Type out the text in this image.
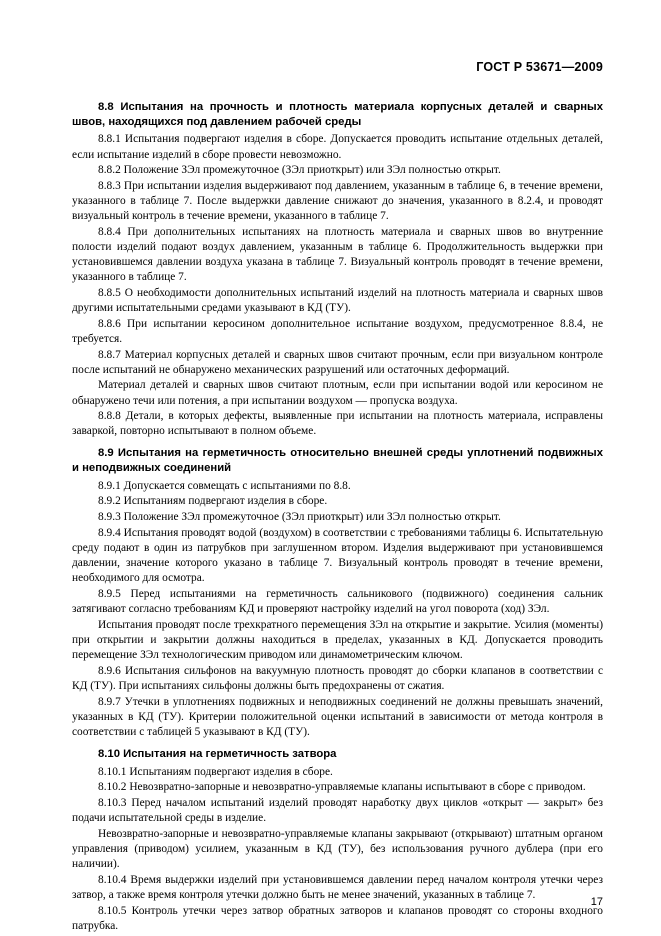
ГОСТ Р 53671—2009
8.8 Испытания на прочность и плотность материала корпусных деталей и сварных швов, находящихся под давлением рабочей среды

8.8.1 Испытания подвергают изделия в сборе. Допускается проводить испытание отдельных деталей, если испытание изделий в сборе провести невозможно.

8.8.2 Положение ЗЭл промежуточное (ЗЭл приоткрыт) или ЗЭл полностью открыт.

8.8.3 При испытании изделия выдерживают под давлением, указанным в таблице 6, в течение времени, указанного в таблице 7. После выдержки давление снижают до значения, указанного в 8.2.4, и проводят визуальный контроль в течение времени, указанного в таблице 7.

8.8.4 При дополнительных испытаниях на плотность материала и сварных швов во внутренние полости изделий подают воздух давлением, указанным в таблице 6. Продолжительность выдержки при установившемся давлении воздуха указана в таблице 7. Визуальный контроль проводят в течение времени, указанного в таблице 7.

8.8.5 О необходимости дополнительных испытаний изделий на плотность материала и сварных швов другими испытательными средами указывают в КД (ТУ).

8.8.6 При испытании керосином дополнительное испытание воздухом, предусмотренное 8.8.4, не требуется.

8.8.7 Материал корпусных деталей и сварных швов считают прочным, если при визуальном контроле после испытаний не обнаружено механических разрушений или остаточных деформаций.

Материал деталей и сварных швов считают плотным, если при испытании водой или керосином не обнаружено течи или потения, а при испытании воздухом — пропуска воздуха.

8.8.8 Детали, в которых дефекты, выявленные при испытании на плотность материала, исправлены заваркой, повторно испытывают в полном объеме.

8.9 Испытания на герметичность относительно внешней среды уплотнений подвижных и неподвижных соединений

8.9.1 Допускается совмещать с испытаниями по 8.8.

8.9.2 Испытаниям подвергают изделия в сборе.

8.9.3 Положение ЗЭл промежуточное (ЗЭл приоткрыт) или ЗЭл полностью открыт.

8.9.4 Испытания проводят водой (воздухом) в соответствии с требованиями таблицы 6. Испытательную среду подают в один из патрубков при заглушенном втором. Изделия выдерживают при установившемся давлении, значение которого указано в таблице 7. Визуальный контроль проводят в течение времени, необходимого для осмотра.

8.9.5 Перед испытаниями на герметичность сальникового (подвижного) соединения сальник затягивают согласно требованиям КД и проверяют настройку изделий на угол поворота (ход) ЗЭл.

Испытания проводят после трехкратного перемещения ЗЭл на открытие и закрытие. Усилия (моменты) при открытии и закрытии должны находиться в пределах, указанных в КД. Допускается проводить перемещение ЗЭл технологическим приводом или динамометрическим ключом.

8.9.6 Испытания сильфонов на вакуумную плотность проводят до сборки клапанов в соответствии с КД (ТУ). При испытаниях сильфоны должны быть предохранены от сжатия.

8.9.7 Утечки в уплотнениях подвижных и неподвижных соединений не должны превышать значений, указанных в КД (ТУ). Критерии положительной оценки испытаний в зависимости от метода контроля в соответствии с таблицей 5 указывают в КД (ТУ).

8.10 Испытания на герметичность затвора

8.10.1 Испытаниям подвергают изделия в сборе.

8.10.2 Невозвратно-запорные и невозвратно-управляемые клапаны испытывают в сборе с приводом.

8.10.3 Перед началом испытаний изделий проводят наработку двух циклов «открыт — закрыт» без подачи испытательной среды в изделие.

Невозвратно-запорные и невозвратно-управляемые клапаны закрывают (открывают) штатным органом управления (приводом) усилием, указанным в КД (ТУ), без использования ручного дублера (при его наличии).

8.10.4 Время выдержки изделий при установившемся давлении перед началом контроля утечки через затвор, а также время контроля утечки должно быть не менее значений, указанных в таблице 7.

8.10.5 Контроль утечки через затвор обратных затворов и клапанов проводят со стороны входного патрубка.

17
